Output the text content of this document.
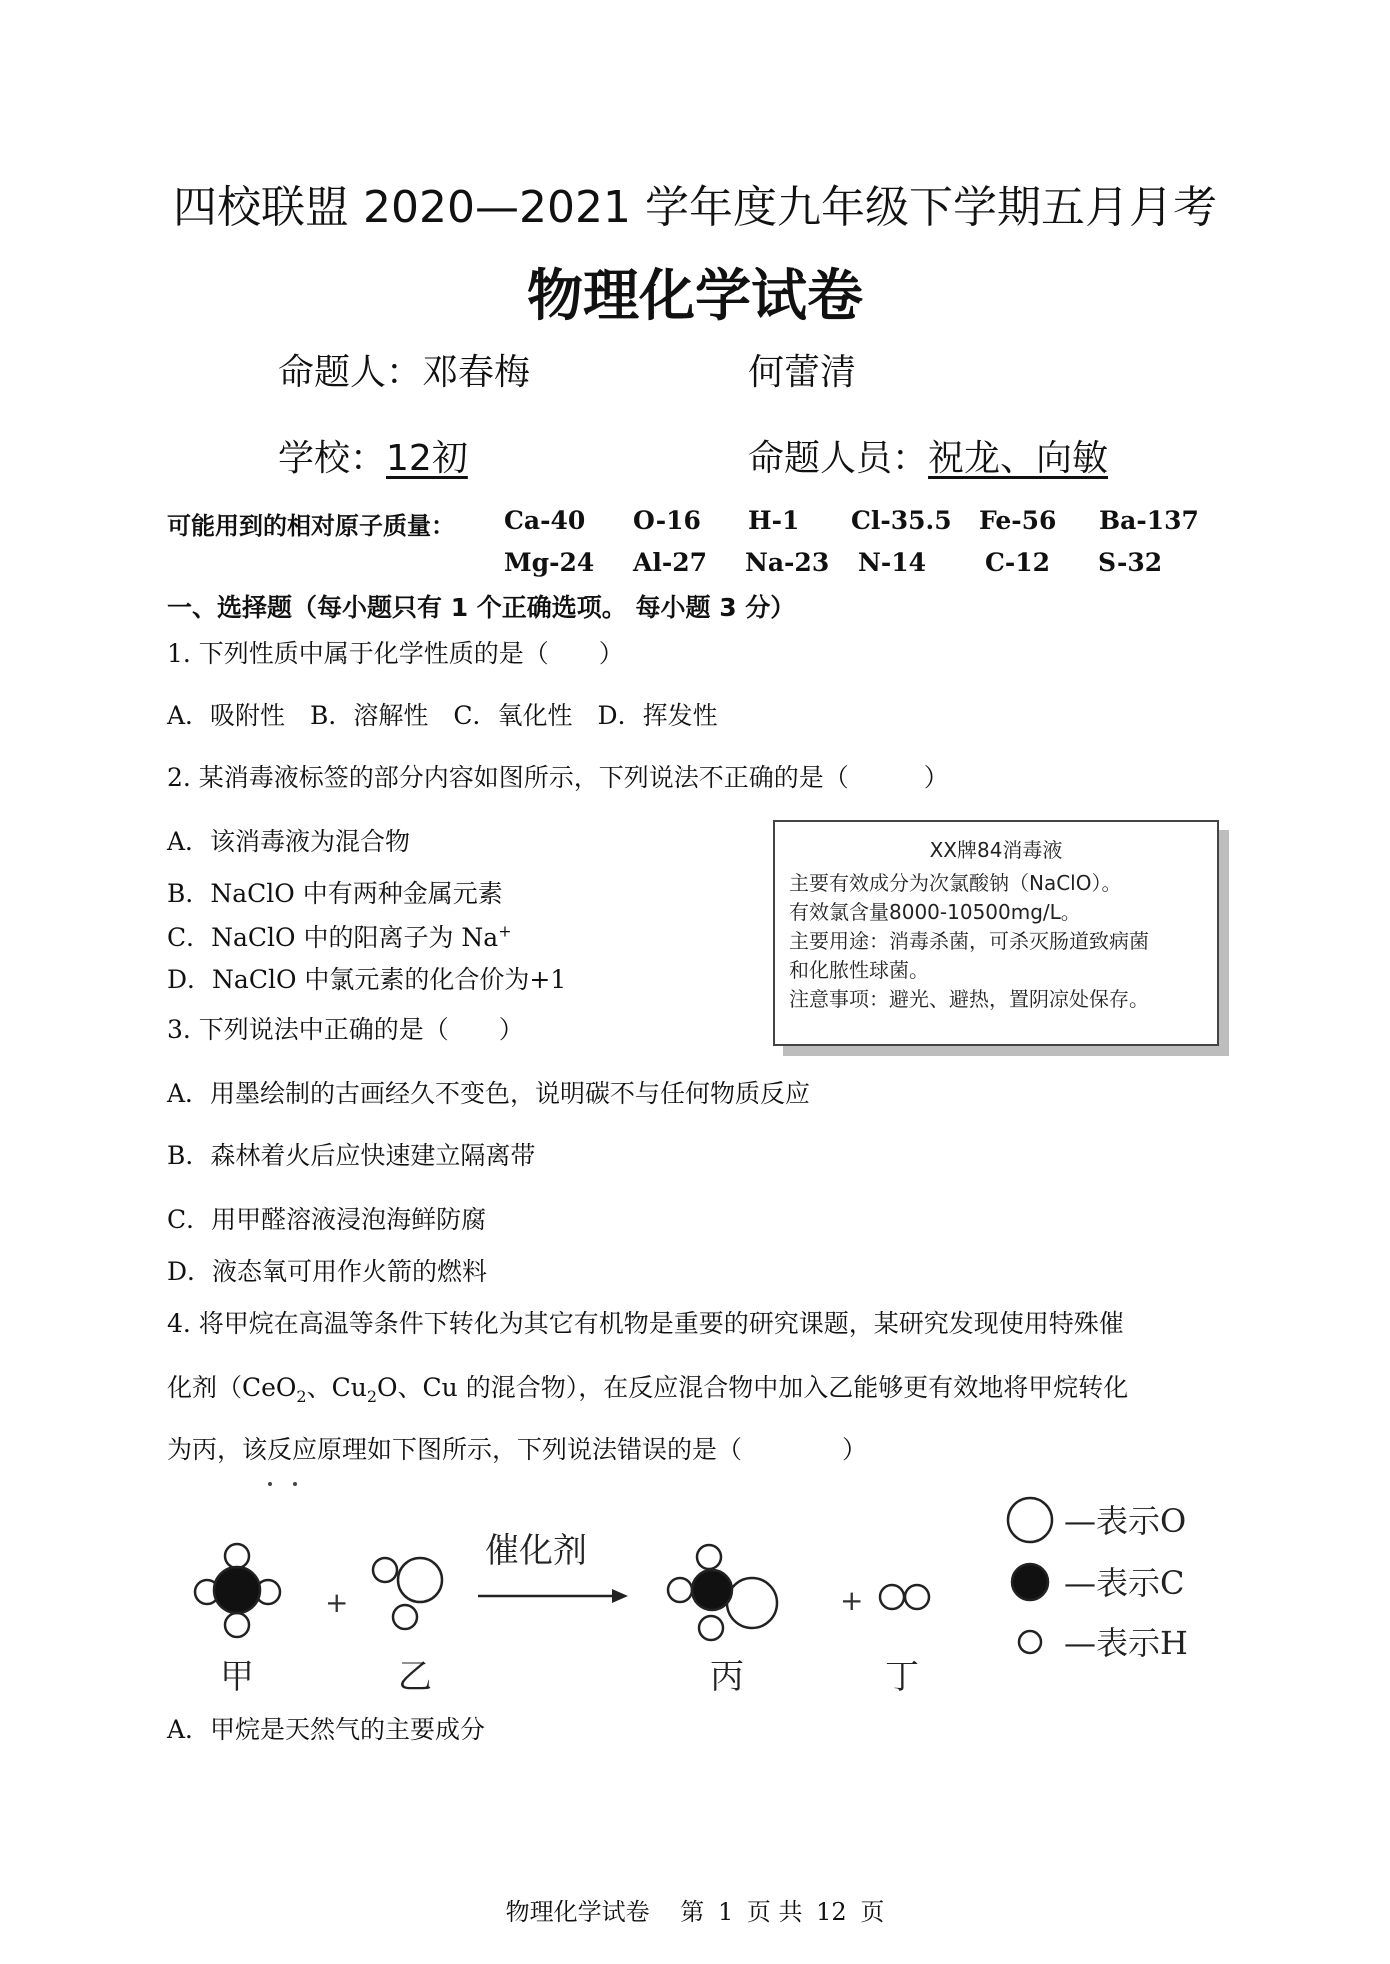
四校联盟 2020—2021 学年度九年级下学期五月月考
物理化学试卷
命题人：邓春梅	何蕾清
学校：12初	命题人员：祝龙、向敏
可能用到的相对原子质量： Ca-40 O-16 H-1 Cl-35.5 Fe-56 Ba-137
Mg-24 Al-27 Na-23 N-14 C-12 S-32
一、选择题（每小题只有 1 个正确选项。 每小题 3 分）
1. 下列性质中属于化学性质的是（　　）
A．吸附性　B．溶解性　C．氧化性　D．挥发性
2. 某消毒液标签的部分内容如图所示，下列说法不正确的是（　　　）
A．该消毒液为混合物
B．NaClO 中有两种金属元素
C．NaClO 中的阳离子为 Na+
D．NaClO 中氯元素的化合价为+1
XX牌84消毒液
主要有效成分为次氯酸钠（NaClO）。
有效氯含量8000-10500mg/L。
主要用途：消毒杀菌，可杀灭肠道致病菌
和化脓性球菌。
注意事项：避光、避热，置阴凉处保存。
3. 下列说法中正确的是（　　）
A．用墨绘制的古画经久不变色，说明碳不与任何物质反应
B．森林着火后应快速建立隔离带
C．用甲醛溶液浸泡海鲜防腐
D．液态氧可用作火箭的燃料
4. 将甲烷在高温等条件下转化为其它有机物是重要的研究课题，某研究发现使用特殊催
化剂（CeO$_2$、$Cu_2O$、Cu 的混合物），在反应混合物中加入乙能够更有效地将甲烷转化
为丙，该反应原理如下图所示，下列说法错误的是（　　　　）
+	+
催化剂
甲	乙	丙	丁
—表示O
—表示C
—表示H
A．甲烷是天然气的主要成分
物理化学试卷 第 1 页 共 12 页
